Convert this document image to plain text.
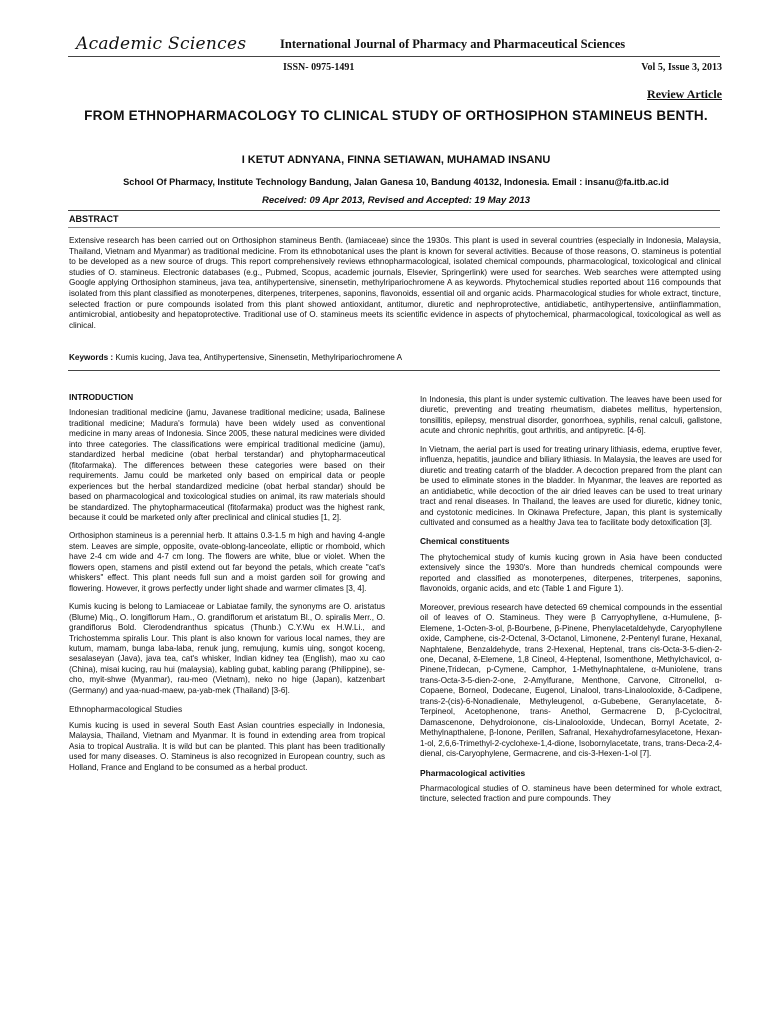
Academic Sciences	International Journal of Pharmacy and Pharmaceutical Sciences
ISSN- 0975-1491	Vol 5, Issue 3, 2013
Review Article
FROM ETHNOPHARMACOLOGY TO CLINICAL STUDY OF ORTHOSIPHON STAMINEUS BENTH.
I KETUT ADNYANA, FINNA SETIAWAN, MUHAMAD INSANU
School Of Pharmacy, Institute Technology Bandung, Jalan Ganesa 10, Bandung 40132, Indonesia. Email : insanu@fa.itb.ac.id
Received: 09 Apr 2013, Revised and Accepted: 19 May 2013
ABSTRACT
Extensive research has been carried out on Orthosiphon stamineus Benth. (lamiaceae) since the 1930s. This plant is used in several countries (especially in Indonesia, Malaysia, Thailand, Vietnam and Myanmar) as traditional medicine. From its ethnobotanical uses the plant is known for several activities. Because of those reasons, O. stamineus is potential to be developed as a new source of drugs. This report comprehensively reviews ethnopharmacological, isolated chemical compounds, pharmacological, toxicological and clinical studies of O. stamineus. Electronic databases (e.g., Pubmed, Scopus, academic journals, Elsevier, Springerlink) were used for searches. Web searches were attempted using Google applying Orthosiphon stamineus, java tea, antihypertensive, sinensetin, methylripariochromene A as keywords. Phytochemical studies reported about 116 compounds that isolated from this plant classified as monoterpenes, diterpenes, triterpenes, saponins, flavonoids, essential oil and organic acids. Pharmacological studies for whole extract, tincture, selected fraction or pure compounds isolated from this plant showed antioxidant, antitumor, diuretic and nephroprotective, antidiabetic, antihypertensive, antiinflammation, antimicrobial, antiobesity and hepatoprotective. Traditional use of O. stamineus meets its scientific evidence in aspects of phytochemical, pharmacological, toxicological as well as clinical.
Keywords : Kumis kucing, Java tea, Antihypertensive, Sinensetin, Methylripariochromene A
INTRODUCTION

Indonesian traditional medicine (jamu, Javanese traditional medicine; usada, Balinese traditional medicine; Madura's formula) have been widely used as conventional medicine in many areas of Indonesia. Since 2005, these natural medicines were divided into three categories. The classifications were empirical traditional medicine (jamu), standardized herbal medicine (obat herbal terstandar) and phytopharmaceutical (fitofarmaka). The differences between these categories were based on their requirements. Jamu could be marketed only based on empirical data or people experiences but the herbal standardized medicine (obat herbal standar) should be based on pharmacological and toxicological studies on animal, its raw materials should be standardized. The phytopharmaceutical (fitofarmaka) product was the highest rank, because it could be marketed only after preclinical and clinical studies [1, 2].

Orthosiphon stamineus is a perennial herb. It attains 0.3-1.5 m high and having 4-angle stem. Leaves are simple, opposite, ovate-oblong-lanceolate, elliptic or rhomboid, which have 2-4 cm wide and 4-7 cm long. The flowers are white, blue or violet. When the flowers open, stamens and pistil extend out far beyond the petals, which create "cat's whiskers" effect. This plant needs full sun and a moist garden soil for growing and flowering. However, it grows perfectly under light shade and warmer climates [3, 4].

Kumis kucing is belong to Lamiaceae or Labiatae family, the synonyms are O. aristatus (Blume) Miq., O. longiflorum Ham., O. grandiflorum et aristatum Bl., O. spiralis Merr., O. grandiflorus Bold. Clerodendranthus spicatus (Thunb.) C.Y.Wu ex H.W.Li., and Trichostemma spiralis Lour. This plant is also known for various local names, they are kutum, mamam, bunga laba-laba, renuk jung, remujung, kumis uing, songot koceng, sesalaseyan (Java), java tea, cat's whisker, Indian kidney tea (English), mao xu cao (China), misai kucing, rau hui (malaysia), kabling gubat, kabling parang (Philippine), se-cho, myit-shwe (Myanmar), rau-meo (Vietnam), neko no hige (Japan), katzenbart (Germany) and yaa-nuad-maew, pa-yab-mek (Thailand) [3-6].

Ethnopharmacological Studies

Kumis kucing is used in several South East Asian countries especially in Indonesia, Malaysia, Thailand, Vietnam and Myanmar. It is found in extending area from tropical Asia to tropical Australia. It is wild but can be planted. This plant has been traditionally used for many diseases. O. Stamineus is also recognized in European country, such as Holland, France and England to be consumed as a herbal product.

In Indonesia, this plant is under systemic cultivation. The leaves have been used for diuretic, preventing and treating rheumatism, diabetes mellitus, hypertension, tonsillitis, epilepsy, menstrual disorder, gonorrhoea, syphilis, renal calculi, gallstone, acute and chronic nephritis, gout arthritis, and antipyretic. [4-6].

In Vietnam, the aerial part is used for treating urinary lithiasis, edema, eruptive fever, influenza, hepatitis, jaundice and biliary lithiasis. In Malaysia, the leaves are used for diuretic and treating catarrh of the bladder. A decoction prepared from the plant can be used to eliminate stones in the bladder. In Myanmar, the leaves are reported as an antidiabetic, while decoction of the air dried leaves can be used to treat urinary tract and renal diseases. In Thailand, the leaves are used for diuretic, kidney tonic, and cystotonic medicines. In Okinawa Prefecture, Japan, this plant is systemically cultivated and consumed as a healthy Java tea to facilitate body detoxification [3].

Chemical constituents

The phytochemical study of kumis kucing grown in Asia have been conducted extensively since the 1930's. More than hundreds chemical compounds were reported and classified as monoterpenes, diterpenes, triterpenes, saponins, flavonoids, organic acids, and etc (Table 1 and Figure 1).

Moreover, previous research have detected 69 chemical compounds in the essential oil of leaves of O. Stamineus. They were β Carryophyllene, α-Humulene, β-Elemene, 1-Octen-3-ol, β-Bourbene, β-Pinene, Phenylacetaldehyde, Caryophyllene oxide, Camphene, cis-2-Octenal, 3-Octanol, Limonene, 2-Pentenyl furane, Hexanal, Naphtalene, Benzaldehyde, trans 2-Hexenal, Heptenal, trans cis-Octa-3-5-dien-2-one, Decanal, δ-Elemene, 1,8 Cineol, 4-Heptenal, Isomenthone, Methylchavicol, α-Pinene,Tridecan, p-Cymene, Camphor, 1-Methylnaphtalene, α-Muniolene, trans trans-Octa-3-5-dien-2-one, 2-Amylfurane, Menthone, Carvone, Citronellol, α-Copaene, Borneol, Dodecane, Eugenol, Linalool, trans-Linalooloxide, δ-Cadipene, trans-2-(cis)-6-Nonadienale, Methyleugenol, α-Gubebene, Geranylacetate, δ-Terpineol, Acetophenone, trans- Anethol, Germacrene D, β-Cyclocitral, Damascenone, Dehydroionone, cis-Linalooloxide, Undecan, Bornyl Acetate, 2-Methylnapthalene, β-Ionone, Perillen, Safranal, Hexahydrofarnesylacetone, Hexan-1-ol, 2,6,6-Trimethyl-2-cyclohexe-1,4-dione, Isobornylacetate, trans, trans-Deca-2,4-dienal, cis-Caryophylene, Germacrene, and cis-3-Hexen-1-ol [7].

Pharmacological activities

Pharmacological studies of O. stamineus have been determined for whole extract, tincture, selected fraction and pure compounds. They
